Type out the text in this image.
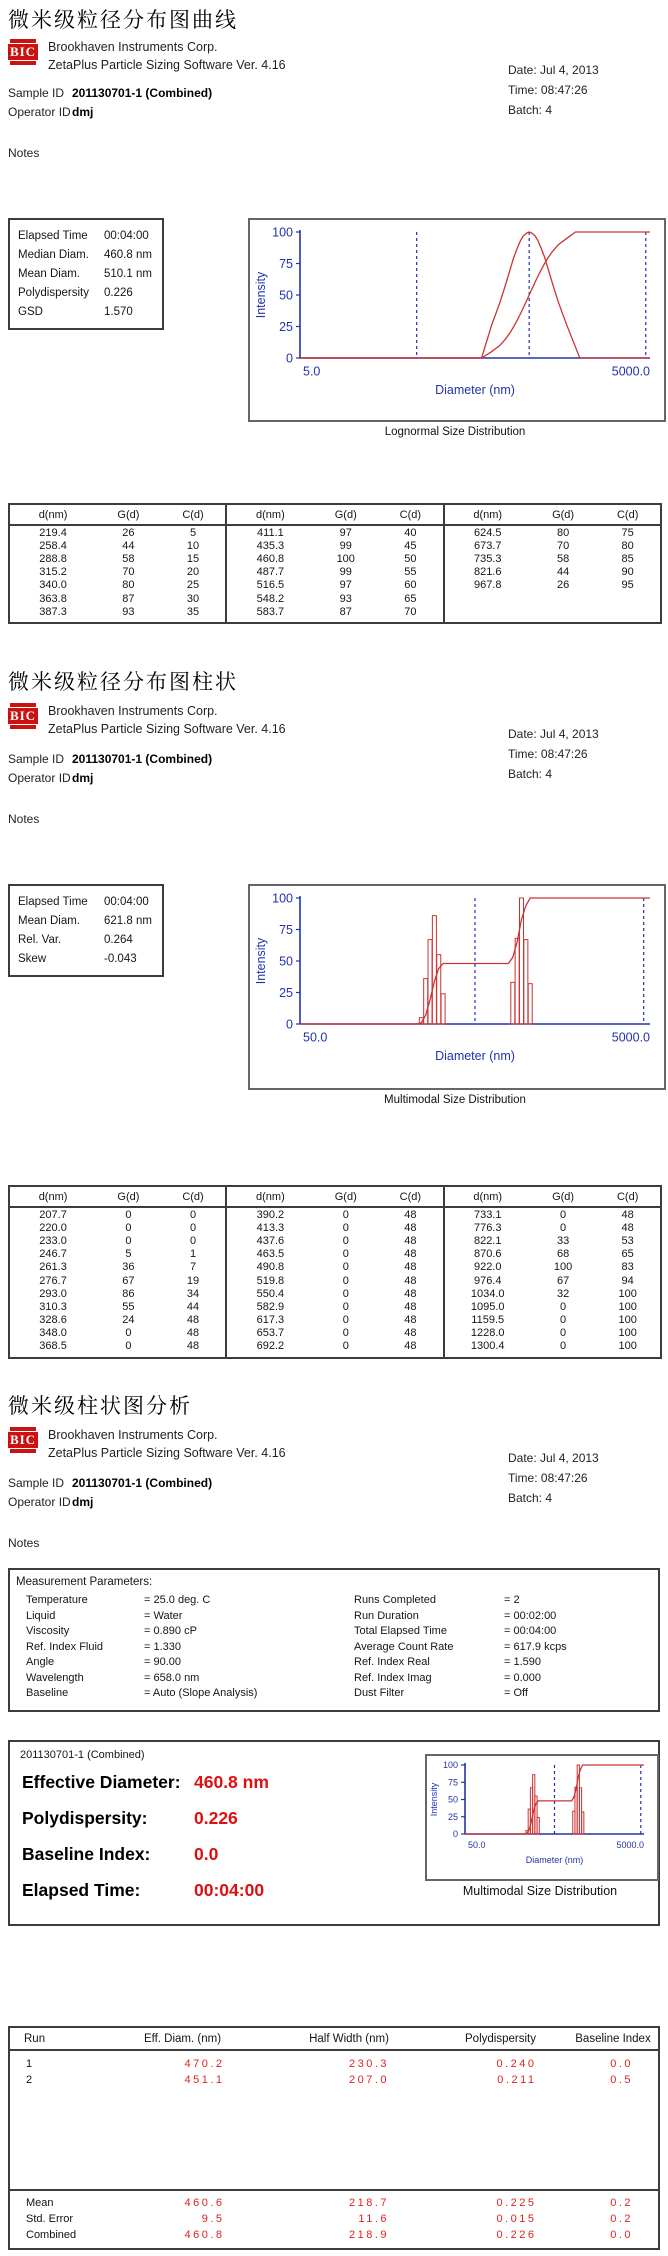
微米级粒径分布图曲线
BIC Brookhaven Instruments Corp.
ZetaPlus Particle Sizing Software Ver. 4.16	Date: Jul 4, 2013
Time: 08:47:26
Batch: 4
Sample ID 201130701-1 (Combined)
Operator ID dmj
Notes
Elapsed Time	00:04:00
Median Diam.	460.8 nm
Mean Diam.	510.1 nm
Polydispersity	0.226
GSD	1.570
0
25
50
75
100
5.0	5000.0
Diameter (nm)
Intensity
Lognormal Size Distribution
d(nm)	G(d)	C(d)
219.4	26	5
258.4	44	10
288.8	58	15
315.2	70	20
340.0	80	25
363.8	87	30
387.3	93	35
d(nm)	G(d)	C(d)
411.1	97	40
435.3	99	45
460.8	100	50
487.7	99	55
516.5	97	60
548.2	93	65
583.7	87	70
d(nm)	G(d)	C(d)
624.5	80	75
673.7	70	80
735.3	58	85
821.6	44	90
967.8	26	95
微米级粒径分布图柱状
BIC Brookhaven Instruments Corp.
ZetaPlus Particle Sizing Software Ver. 4.16	Date: Jul 4, 2013
Time: 08:47:26
Batch: 4
Sample ID 201130701-1 (Combined)
Operator ID dmj
Notes
Elapsed Time	00:04:00
Mean Diam.	621.8 nm
Rel. Var.	0.264
Skew	-0.043
0
25
50
75
100
50.0	5000.0
Diameter (nm)
Intensity
Multimodal Size Distribution
d(nm)	G(d)	C(d)
207.7	0	0
220.0	0	0
233.0	0	0
246.7	5	1
261.3	36	7
276.7	67	19
293.0	86	34
310.3	55	44
328.6	24	48
348.0	0	48
368.5	0	48
d(nm)	G(d)	C(d)
390.2	0	48
413.3	0	48
437.6	0	48
463.5	0	48
490.8	0	48
519.8	0	48
550.4	0	48
582.9	0	48
617.3	0	48
653.7	0	48
692.2	0	48
d(nm)	G(d)	C(d)
733.1	0	48
776.3	0	48
822.1	33	53
870.6	68	65
922.0	100	83
976.4	67	94
1034.0	32	100
1095.0	0	100
1159.5	0	100
1228.0	0	100
1300.4	0	100
微米级柱状图分析
BIC Brookhaven Instruments Corp.
ZetaPlus Particle Sizing Software Ver. 4.16	Date: Jul 4, 2013
Time: 08:47:26
Batch: 4
Sample ID 201130701-1 (Combined)
Operator ID dmj
Notes
Measurement Parameters:
Temperature	= 25.0 deg. C	Runs Completed	= 2
Liquid	= Water	Run Duration	= 00:02:00
Viscosity	= 0.890 cP	Total Elapsed Time	= 00:04:00
Ref. Index Fluid	= 1.330	Average Count Rate	= 617.9 kcps
Angle	= 90.00	Ref. Index Real	= 1.590
Wavelength	= 658.0 nm	Ref. Index Imag	= 0.000
Baseline	= Auto (Slope Analysis)	Dust Filter	= Off
201130701-1 (Combined)
Effective Diameter: 460.8 nm
Polydispersity:	0.226
Baseline Index: 0.0
Elapsed Time:	00:04:00
0
25
50
75
100
50.0	5000.0
Diameter (nm)
Intensity
Multimodal Size Distribution
Run	Eff. Diam. (nm)	Half Width (nm)	Polydispersity	Baseline Index
1	470.2	230.3	0.240	0.0
2	451.1	207.0	0.211	0.5
Mean	460.6	218.7	0.225	0.2
Std. Error	9.5	11.6	0.015	0.2
Combined	460.8	218.9	0.226	0.0
